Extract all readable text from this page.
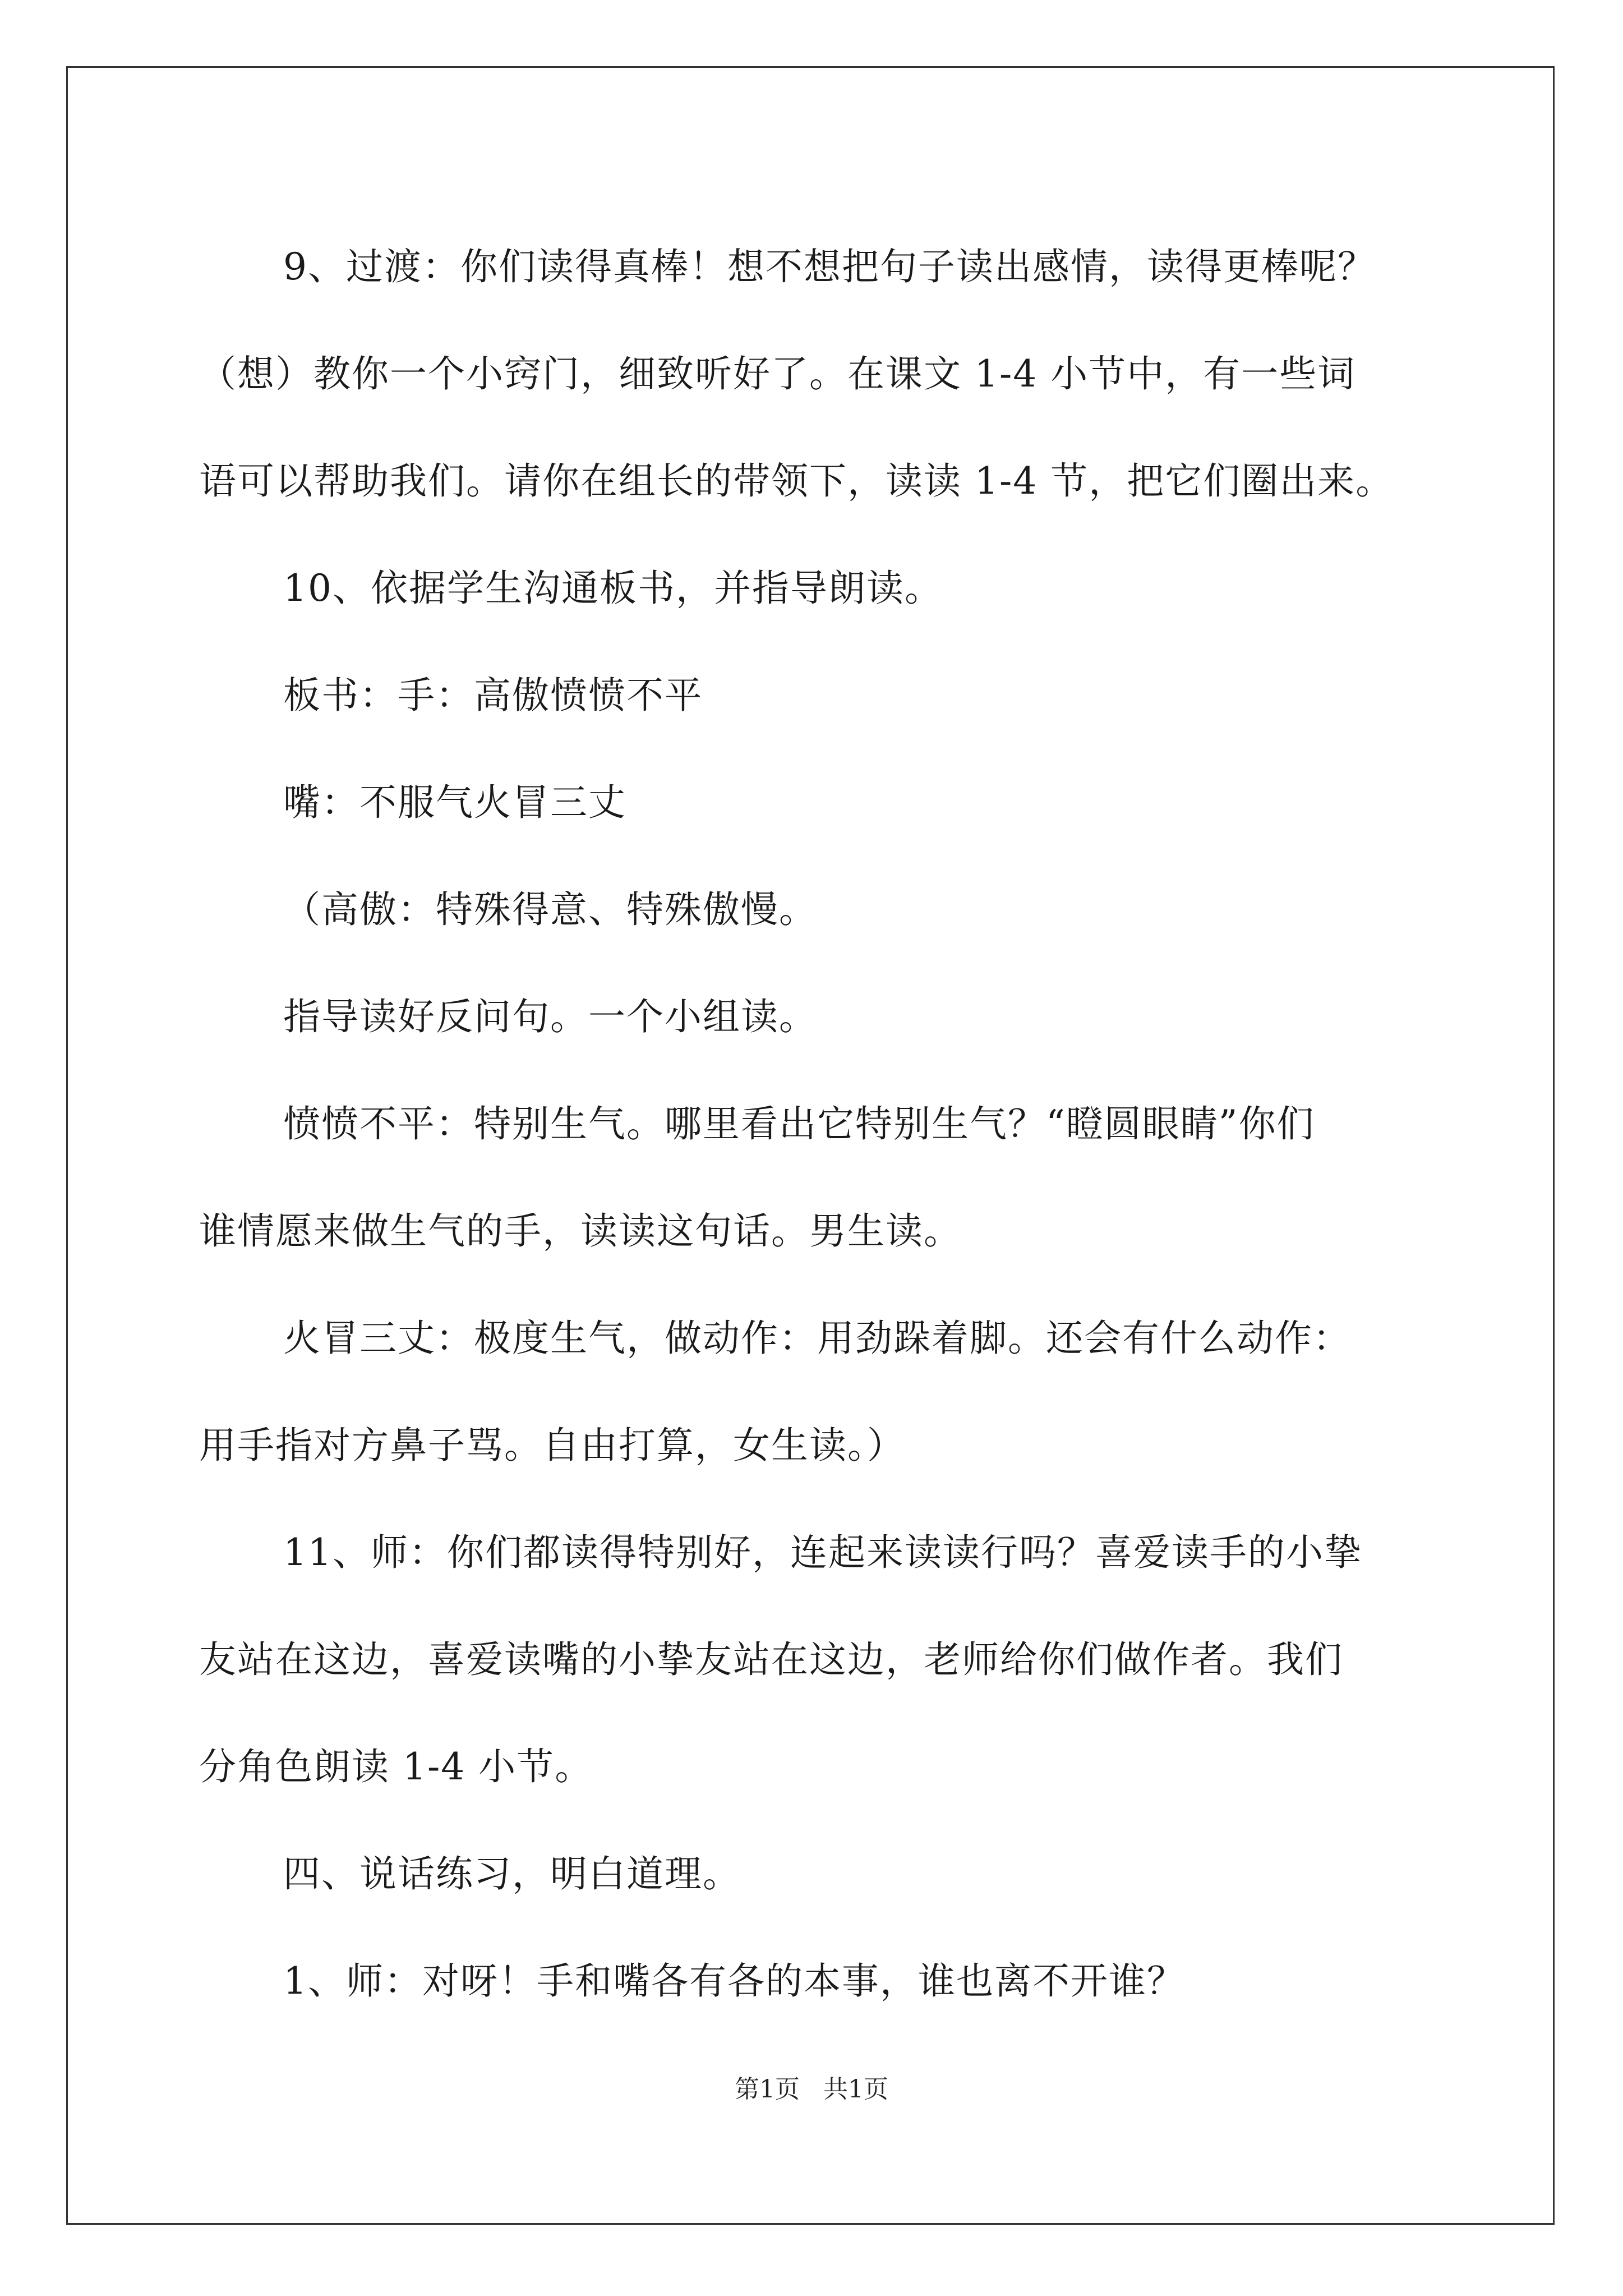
9、过渡：你们读得真棒！想不想把句子读出感情，读得更棒呢？

（想）教你一个小窍门，细致听好了。在课文 1-4 小节中，有一些词

语可以帮助我们。请你在组长的带领下，读读 1-4 节，把它们圈出来。

10、依据学生沟通板书，并指导朗读。

板书：手：高傲愤愤不平

嘴：不服气火冒三丈

（高傲：特殊得意、特殊傲慢。

指导读好反问句。一个小组读。

愤愤不平：特别生气。哪里看出它特别生气？“瞪圆眼睛”你们

谁情愿来做生气的手，读读这句话。男生读。

火冒三丈：极度生气，做动作：用劲跺着脚。还会有什么动作：

用手指对方鼻子骂。自由打算，女生读。）

11、师：你们都读得特别好，连起来读读行吗？喜爱读手的小挚

友站在这边，喜爱读嘴的小挚友站在这边，老师给你们做作者。我们

分角色朗读 1-4 小节。

四、说话练习，明白道理。

1、师：对呀！手和嘴各有各的本事，谁也离不开谁？

第1页 共1页
